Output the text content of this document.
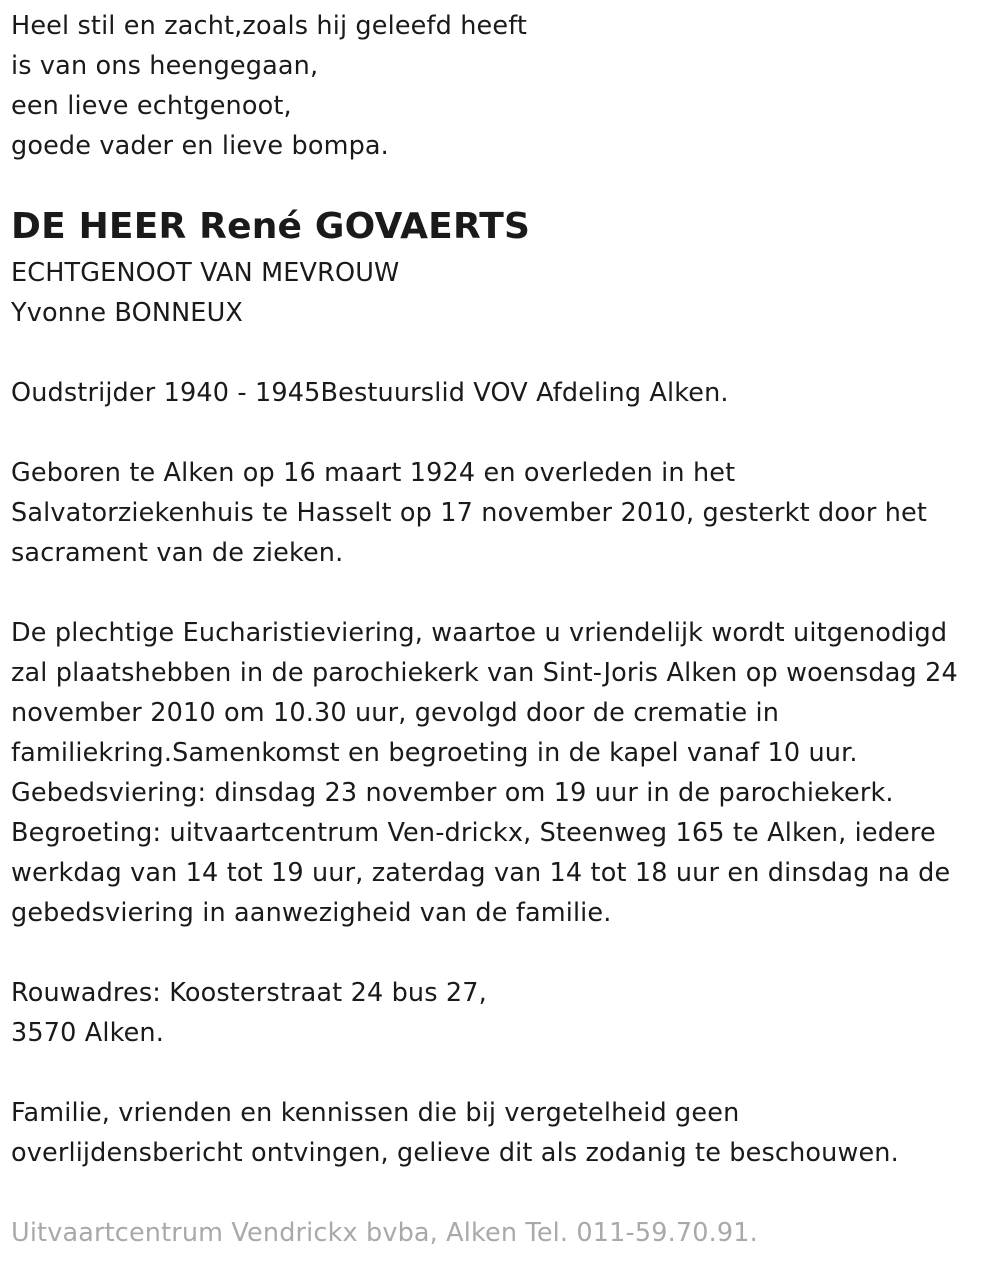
Heel stil en zacht,zoals hij geleefd heeft
is van ons heengegaan,
een lieve echtgenoot,
goede vader en lieve bompa.
DE HEER René GOVAERTS
ECHTGENOOT VAN MEVROUW
Yvonne BONNEUX
Oudstrijder 1940 - 1945Bestuurslid VOV Afdeling Alken.
Geboren te Alken op 16 maart 1924 en overleden in het
Salvatorziekenhuis te Hasselt op 17 november 2010, gesterkt door het
sacrament van de zieken.
De plechtige Eucharistieviering, waartoe u vriendelijk wordt uitgenodigd
zal plaatshebben in de parochiekerk van Sint-Joris Alken op woensdag 24
november 2010 om 10.30 uur, gevolgd door de crematie in
familiekring.Samenkomst en begroeting in de kapel vanaf 10 uur.
Gebedsviering: dinsdag 23 november om 19 uur in de parochiekerk.
Begroeting: uitvaartcentrum Ven-drickx, Steenweg 165 te Alken, iedere
werkdag van 14 tot 19 uur, zaterdag van 14 tot 18 uur en dinsdag na de
gebedsviering in aanwezigheid van de familie.
Rouwadres: Koosterstraat 24 bus 27,
3570 Alken.
Familie, vrienden en kennissen die bij vergetelheid geen
overlijdensbericht ontvingen, gelieve dit als zodanig te beschouwen.
Uitvaartcentrum Vendrickx bvba, Alken Tel. 011-59.70.91.
